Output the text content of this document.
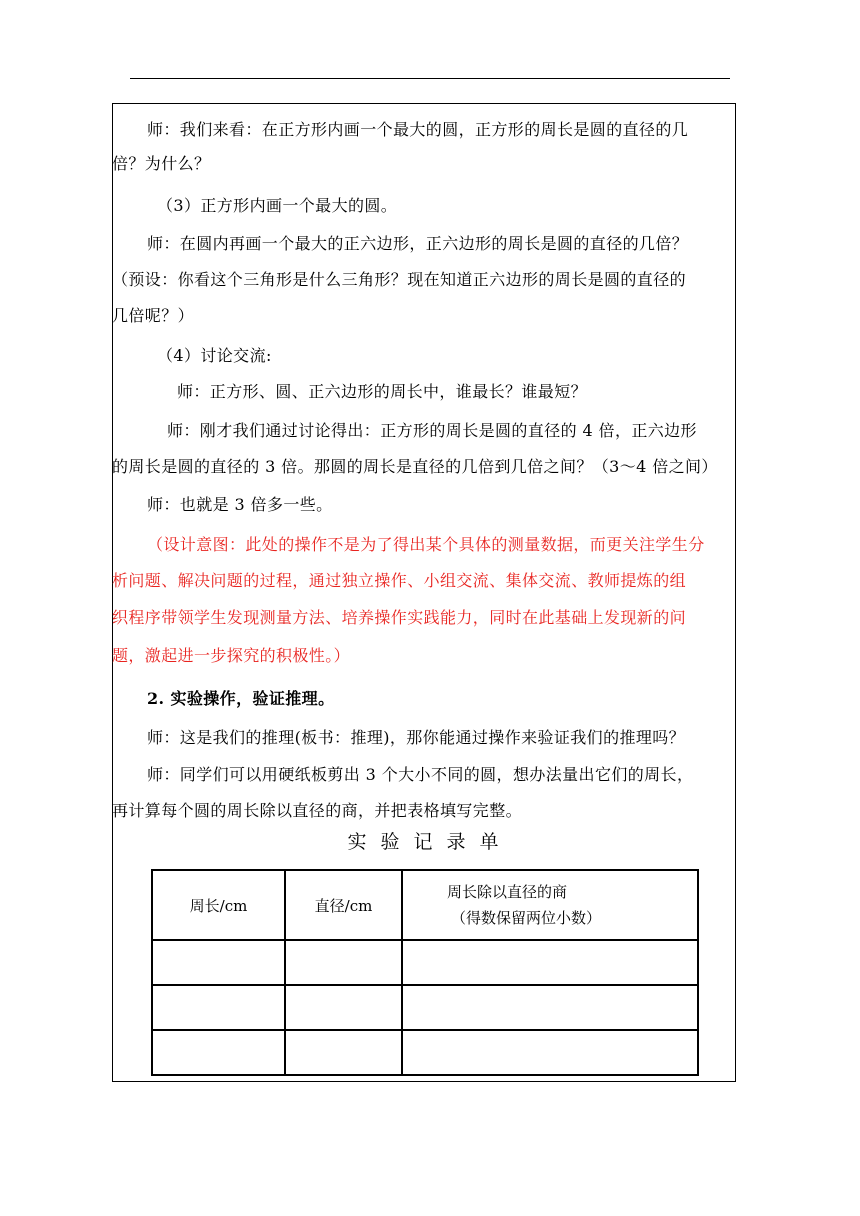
师：我们来看：在正方形内画一个最大的圆，正方形的周长是圆的直径的几
倍？为什么？
（3）正方形内画一个最大的圆。
师：在圆内再画一个最大的正六边形，正六边形的周长是圆的直径的几倍？
（预设：你看这个三角形是什么三角形？现在知道正六边形的周长是圆的直径的
几倍呢？）
（4）讨论交流:
师：正方形、圆、正六边形的周长中，谁最长？谁最短？
师：刚才我们通过讨论得出：正方形的周长是圆的直径的 4 倍，正六边形
的周长是圆的直径的 3 倍。那圆的周长是直径的几倍到几倍之间？（3～4 倍之间）
师：也就是 3 倍多一些。
（设计意图：此处的操作不是为了得出某个具体的测量数据，而更关注学生分
析问题、解决问题的过程，通过独立操作、小组交流、集体交流、教师提炼的组
织程序带领学生发现测量方法、培养操作实践能力，同时在此基础上发现新的问
题，激起进一步探究的积极性。）
2. 实验操作，验证推理。
师：这是我们的推理(板书：推理)，那你能通过操作来验证我们的推理吗？
师：同学们可以用硬纸板剪出 3 个大小不同的圆，想办法量出它们的周长，
再计算每个圆的周长除以直径的商，并把表格填写完整。
实验记录单
周长/cm	直径/cm	周长除以直径的商
（得数保留两位小数）
